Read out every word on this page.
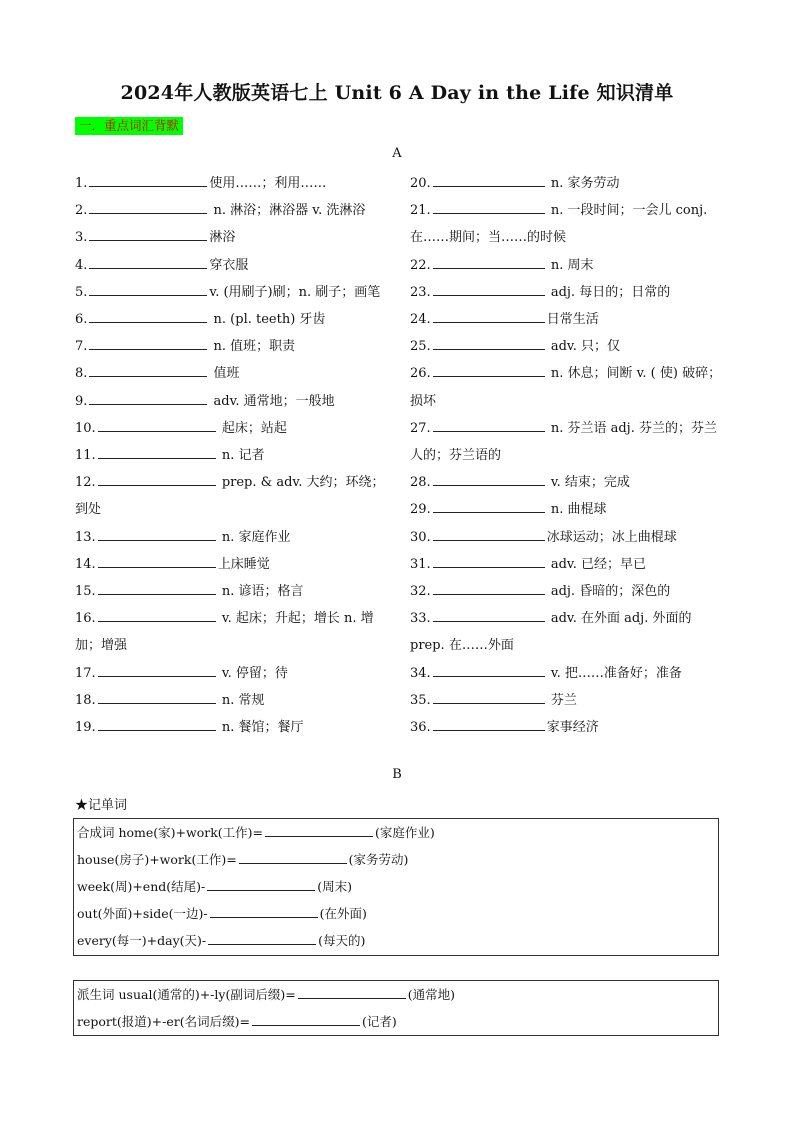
2024年人教版英语七上 Unit 6 A Day in the Life 知识清单
一．重点词汇背默
A
1.	使用……；利用……
2.	n. 淋浴；淋浴器 v. 洗淋浴
3.	淋浴
4.	穿衣服
5.	v. (用刷子)刷；n. 刷子；画笔
6.	n. (pl. teeth) 牙齿
7.	n. 值班；职责
8.	值班
9.	adv. 通常地；一般地
10.	起床；站起
11.	n. 记者
12.	prep. & adv. 大约；环绕；到处
13.	n. 家庭作业
14.	上床睡觉
15.	n. 谚语；格言
16.	v. 起床；升起；增长 n. 增加；增强
17.	v. 停留；待
18.	n. 常规
19.	n. 餐馆；餐厅
20.	n. 家务劳动
21.	n. 一段时间；一会儿 conj. 在……期间；当……的时候
22.	n. 周末
23.	adj. 每日的；日常的
24.	日常生活
25.	adv. 只；仅
26.	n. 休息；间断 v. ( 使) 破碎；损坏
27.	n. 芬兰语 adj. 芬兰的；芬兰人的；芬兰语的
28.	v. 结束；完成
29.	n. 曲棍球
30.	冰球运动；冰上曲棍球
31.	adv. 已经；早已
32.	adj. 昏暗的；深色的
33.	adv. 在外面 adj. 外面的 prep. 在……外面
34.	v. 把……准备好；准备
35.	芬兰
36.	家事经济
B
★记单词
合成词 home(家)+work(工作)=	(家庭作业)
house(房子)+work(工作)=	(家务劳动)
week(周)+end(结尾)-	(周末)
out(外面)+side(一边)-	(在外面)
every(每一)+day(天)-	(每天的)
派生词 usual(通常的)+-ly(副词后缀)=	(通常地)
report(报道)+-er(名词后缀)=	(记者)
